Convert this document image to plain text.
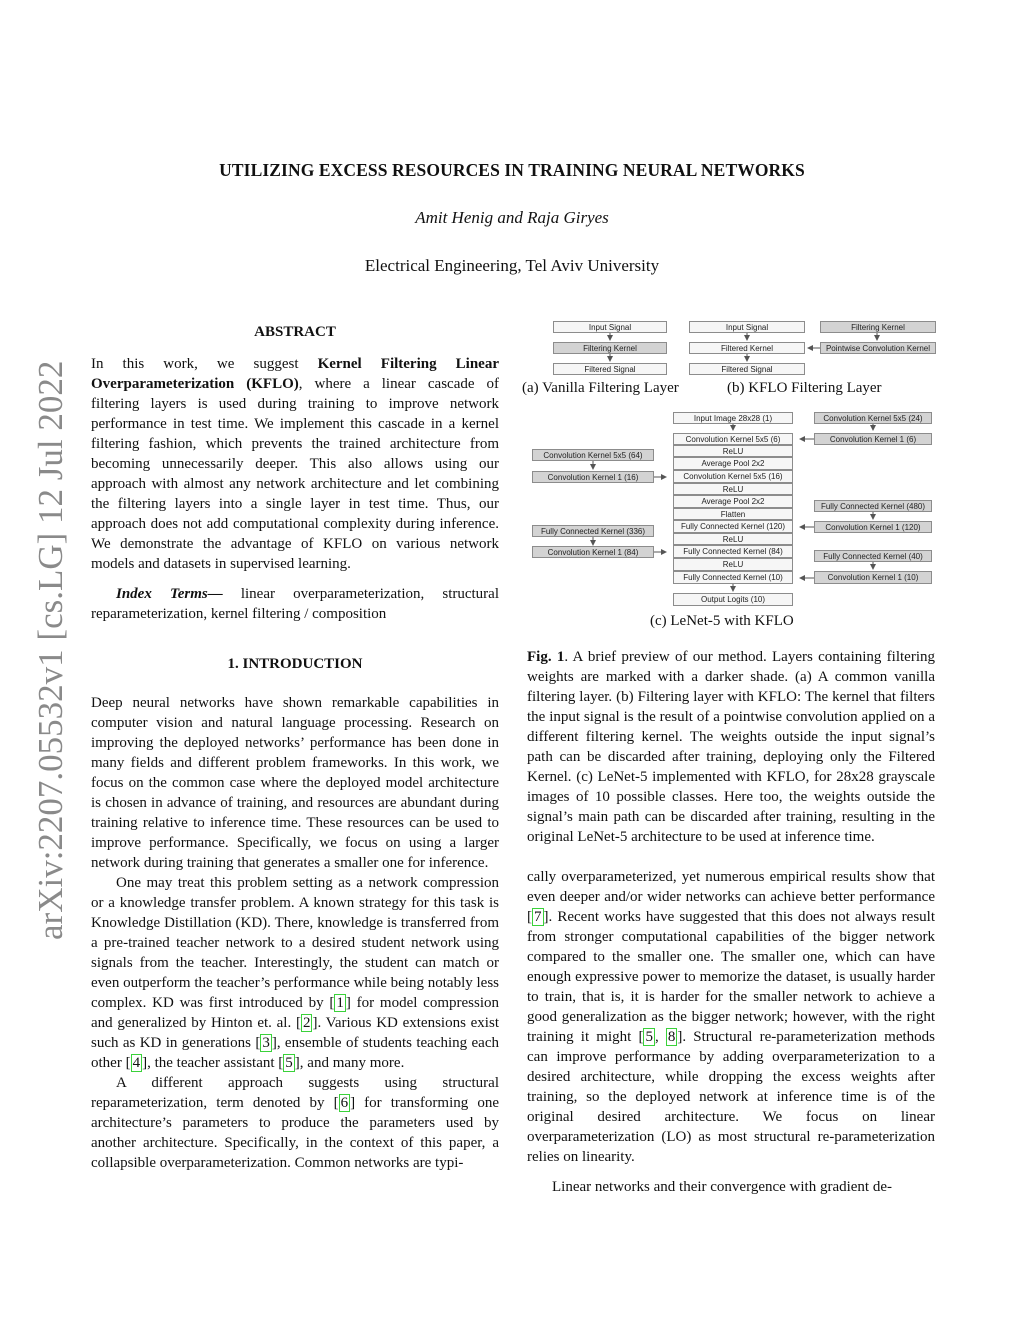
arXiv:2207.05532v1 [cs.LG] 12 Jul 2022
UTILIZING EXCESS RESOURCES IN TRAINING NEURAL NETWORKS
Amit Henig and Raja Giryes
Electrical Engineering, Tel Aviv University
ABSTRACT

In this work, we suggest Kernel Filtering Linear Overparameterization (KFLO), where a linear cascade of filtering layers is used during training to improve network performance in test time. We implement this cascade in a kernel filtering fashion, which prevents the trained architecture from becoming unnecessarily deeper. This also allows using our approach with almost any network architecture and let combining the filtering layers into a single layer in test time. Thus, our approach does not add computational complexity during inference. We demonstrate the advantage of KFLO on various network models and datasets in supervised learning.

Index Terms— linear overparameterization, structural reparameterization, kernel filtering / composition

1. INTRODUCTION

Deep neural networks have shown remarkable capabilities in computer vision and natural language processing. Research on improving the deployed networks’ performance has been done in many fields and different problem frameworks. In this work, we focus on the common case where the deployed model architecture is chosen in advance of training, and resources are abundant during training relative to inference time. These resources can be used to improve performance. Specifically, we focus on using a larger network during training that generates a smaller one for inference.

One may treat this problem setting as a network compression or a knowledge transfer problem. A known strategy for this task is Knowledge Distillation (KD). There, knowledge is transferred from a pre-trained teacher network to a desired student network using signals from the teacher. Interestingly, the student can match or even outperform the teacher’s performance while being notably less complex. KD was first introduced by [ 1 ] for model compression and generalized by Hinton et. al. [ 2 ]. Various KD extensions exist such as KD in generations [ 3 ], ensemble of students teaching each other [ 4 ], the teacher assistant [ 5 ], and many more.

A different approach suggests using structural reparameterization, term denoted by [ 6 ] for transforming one architecture’s parameters to produce the parameters used by another architecture. Specifically, in the context of this paper, a collapsible overparameterization. Common networks are typi-

Input Signal
Filtering Kernel
Filtered Signal
Input Signal
Filtered Kernel
Filtered Signal
Filtering Kernel
Pointwise Convolution Kernel
(a) Vanilla Filtering Layer	(b) KFLO Filtering Layer
Input Image 28x28 (1)
Convolution Kernel 5x5 (6)
ReLU
Average Pool 2x2
Convolution Kernel 5x5 (16)
ReLU
Average Pool 2x2
Flatten
Fully Connected Kernel (120)
ReLU
Fully Connected Kernel (84)
ReLU
Fully Connected Kernel (10)
Output Logits (10)
Convolution Kernel 5x5 (64)
Convolution Kernel 1 (16)
Fully Connected Kernel (336)
Convolution Kernel 1 (84)
Convolution Kernel 5x5 (24)
Convolution Kernel 1 (6)
Fully Connected Kernel (480)
Convolution Kernel 1 (120)
Fully Connected Kernel (40)
Convolution Kernel 1 (10)
(c) LeNet-5 with KFLO

Fig. 1. A brief preview of our method. Layers containing filtering weights are marked with a darker shade. (a) A common vanilla filtering layer. (b) Filtering layer with KFLO: The kernel that filters the input signal is the result of a pointwise convolution applied on a different filtering kernel. The weights outside the input signal’s path can be discarded after training, deploying only the Filtered Kernel. (c) LeNet-5 implemented with KFLO, for 28x28 grayscale images of 10 possible classes. Here too, the weights outside the signal’s main path can be discarded after training, resulting in the original LeNet-5 architecture to be used at inference time.

cally overparameterized, yet numerous empirical results show that even deeper and/or wider networks can achieve better performance [ 7 ]. Recent works have suggested that this does not always result from stronger computational capabilities of the bigger network compared to the smaller one. The smaller one, which can have enough expressive power to memorize the dataset, is usually harder to train, that is, it is harder for the smaller network to achieve a good generalization as the bigger network; however, with the right training it might [ 5 , 8 ]. Structural re-parameterization methods can improve performance by adding overparameterization to a desired architecture, while dropping the excess weights after training, so the deployed network at inference time is of the original desired architecture. We focus on linear overparameterization (LO) as most structural re-parameterization relies on linearity.

Linear networks and their convergence with gradient de-
